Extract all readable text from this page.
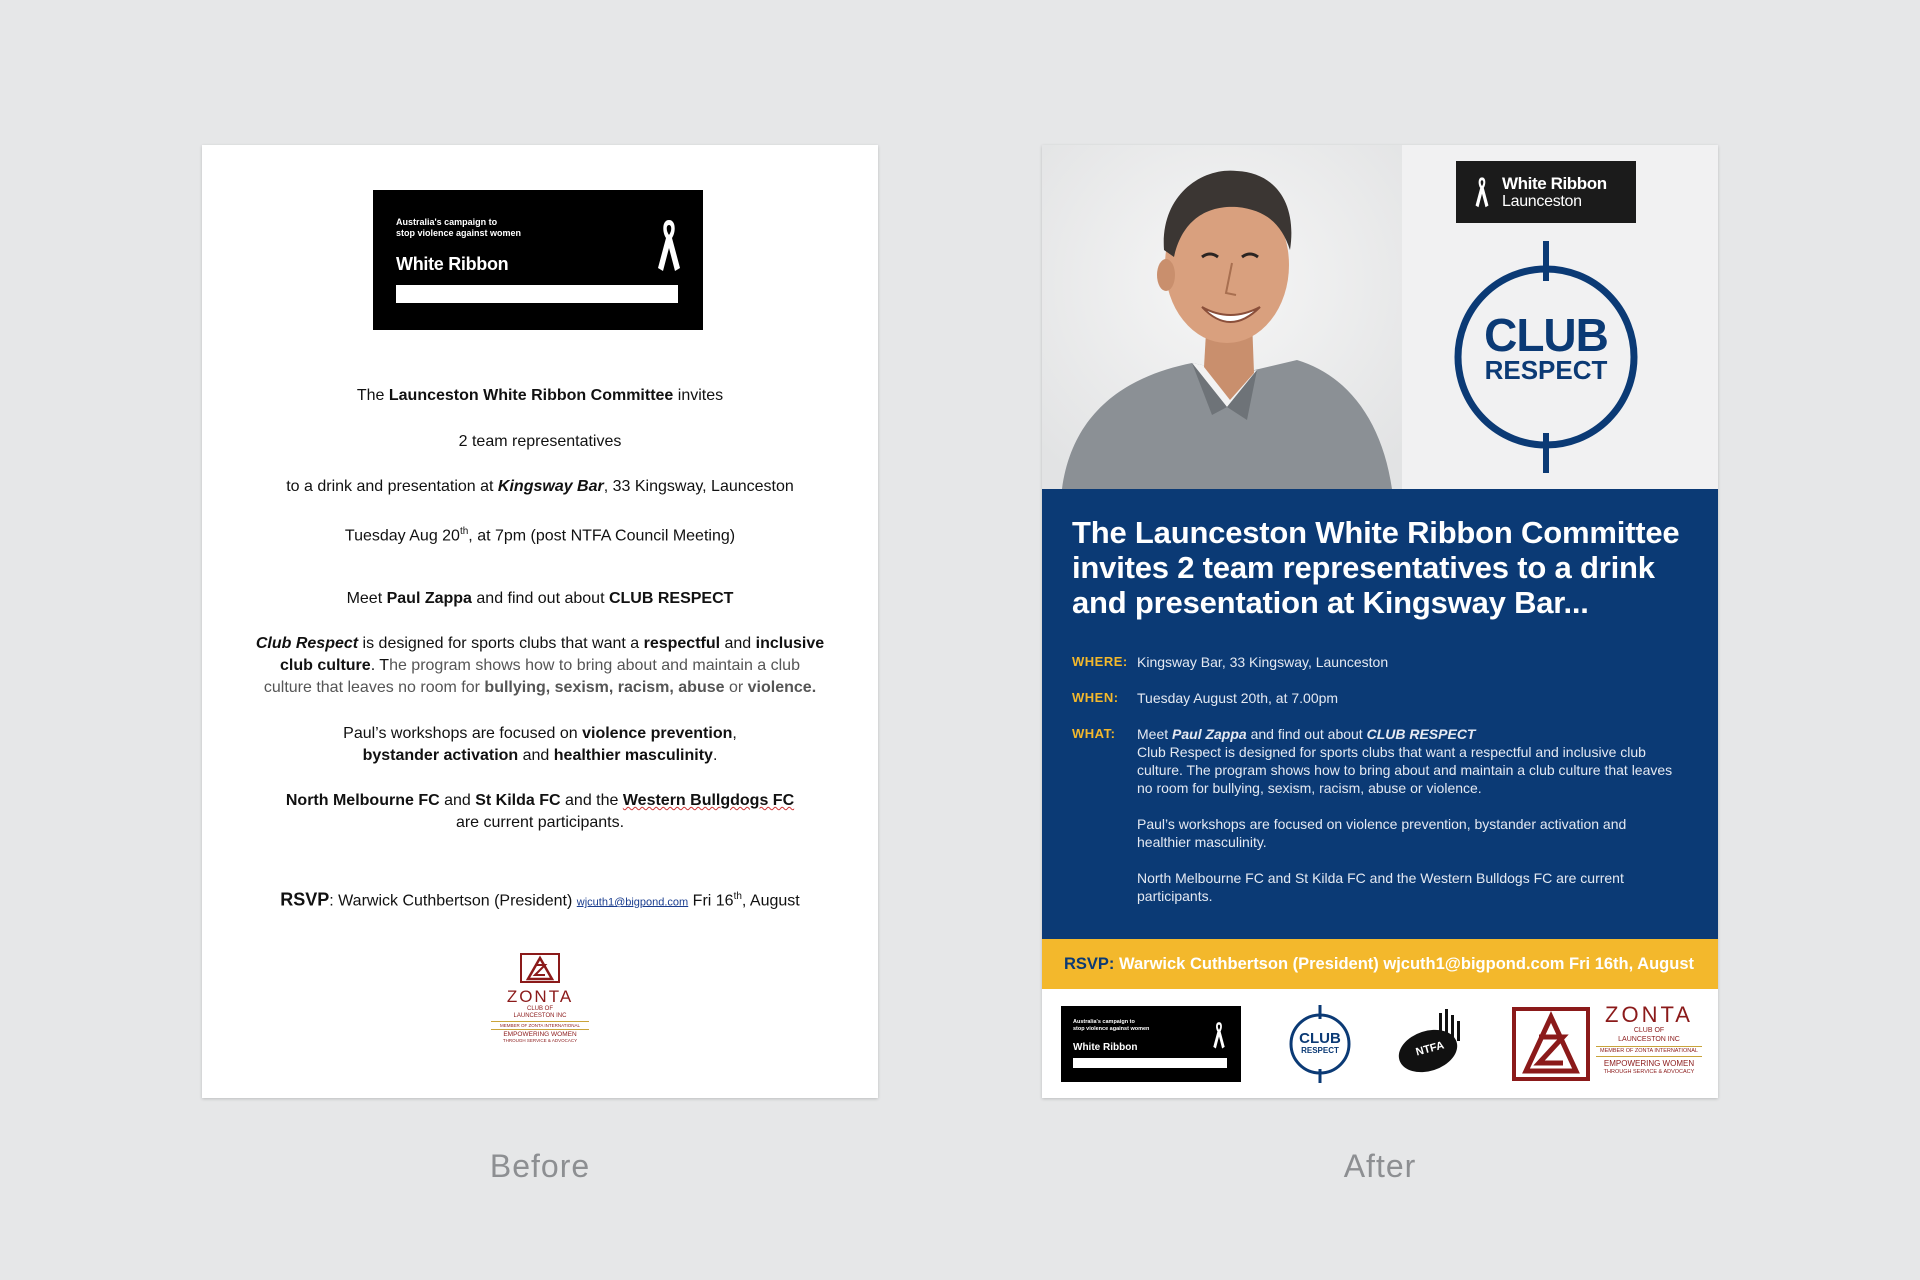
Australia's campaign to
stop violence against women
White Ribbon
The Launceston White Ribbon Committee invites
2 team representatives
to a drink and presentation at Kingsway Bar, 33 Kingsway, Launceston
Tuesday Aug 20th, at 7pm (post NTFA Council Meeting)
Meet Paul Zappa and find out about CLUB RESPECT
Club Respect is designed for sports clubs that want a respectful and inclusive
club culture. The program shows how to bring about and maintain a club
culture that leaves no room for bullying, sexism, racism, abuse or violence.
Paul’s workshops are focused on violence prevention,
bystander activation and healthier masculinity.
North Melbourne FC and St Kilda FC and the Western Bullgdogs FC
are current participants.
RSVP: Warwick Cuthbertson (President) wjcuth1@bigpond.com Fri 16th, August
ZONTA
CLUB OF
LAUNCESTON INC
MEMBER OF ZONTA INTERNATIONAL
EMPOWERING WOMEN
THROUGH SERVICE & ADVOCACY
White Ribbon
Launceston
CLUB
RESPECT
The Launceston White Ribbon Committee invites 2 team representatives to a drink and presentation at Kingsway Bar...
WHERE: Kingsway Bar, 33 Kingsway, Launceston
WHEN: Tuesday August 20th, at 7.00pm
WHAT: Meet Paul Zappa and find out about CLUB RESPECT
Club Respect is designed for sports clubs that want a respectful and inclusive club culture. The program shows how to bring about and maintain a club culture that leaves no room for bullying, sexism, racism, abuse or violence.
Paul’s workshops are focused on violence prevention, bystander activation and healthier masculinity.
North Melbourne FC and St Kilda FC and the Western Bulldogs FC are current participants.
RSVP: Warwick Cuthbertson (President) wjcuth1@bigpond.com Fri 16th, August
Australia's campaign to
stop violence against women
White Ribbon
CLUB
RESPECT	NTFA
ZONTA
CLUB OF
LAUNCESTON INC
MEMBER OF ZONTA INTERNATIONAL
EMPOWERING WOMEN
THROUGH SERVICE & ADVOCACY
Before	After
